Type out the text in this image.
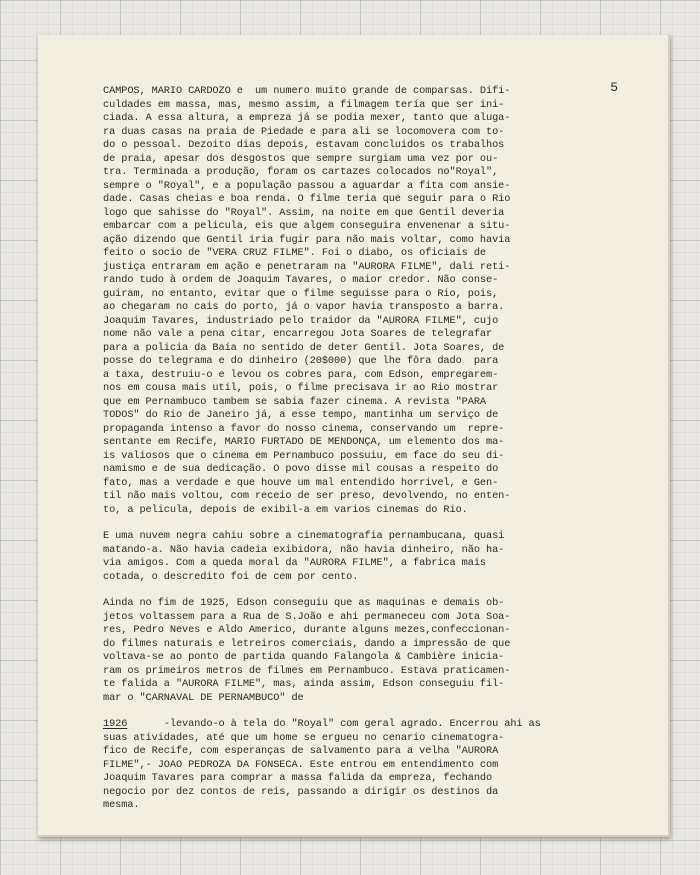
5

CAMPOS, MARIO CARDOZO e  um numero muito grande de comparsas. Difi-

culdades em massa, mas, mesmo assim, a filmagem tería que ser ini-

ciada. A essa altura, a empreza já se podia mexer, tanto que aluga-

ra duas casas na praia de Piedade e para ali se locomovera com to-

do o pessoal. Dezoito dias depois, estavam concluidos os trabalhos

de praia, apesar dos desgostos que sempre surgiam uma vez por ou-

tra. Terminada a produção, foram os cartazes colocados no"Royal",

sempre o "Royal", e a população passou a aguardar a fita com ansie-

dade. Casas cheias e boa renda. O filme teria que seguir para o Rio

logo que sahisse do "Royal". Assim, na noite em que Gentil deveria

embarcar com a pelicula, eis que algem conseguira envenenar a situ-

ação dizendo que Gentil iria fugir para não mais voltar, como havia

feito o socio de "VERA CRUZ FILME". Foi o diabo, os oficiais de

justiça entraram em ação e penetraram na "AURORA FILME", dali reti-

rando tudo à ordem de Joaquim Tavares, o maior credor. Não conse-

guiram, no entanto, evitar que o filme seguisse para o Rio, pois,

ao chegaram no cais do porto, já o vapor havia transposto a barra.

Joaquim Tavares, industriado pelo traidor da "AURORA FILME", cujo

nome não vale a pena citar, encarregou Jota Soares de telegrafar

para a policia da Baía no sentido de deter Gentil. Jota Soares, de

posse do telegrama e do dinheiro (20$000) que lhe fôra dado  para

a taxa, destruiu-o e levou os cobres para, com Edson, empregarem-

nos em cousa mais util, pois, o filme precisava ir ao Rio mostrar

que em Pernambuco tambem se sabia fazer cinema. A revista "PARA

TODOS" do Rio de Janeiro já, a esse tempo, mantinha um serviço de

propaganda intenso a favor do nosso cinema, conservando um  repre-

sentante em Recife, MARIO FURTADO DE MENDONÇA, um elemento dos ma-

is valiosos que o cinema em Pernambuco possuiu, em face do seu di-

namismo e de sua dedicação. O povo disse mil cousas a respeito do

fato, mas a verdade e que houve um mal entendido horrivel, e Gen-

til não mais voltou, com receio de ser preso, devolvendo, no enten-

to, a pelicula, depois de exibil-a em varios cinemas do Rio.

E uma nuvem negra cahiu sobre a cinematografia pernambucana, quasi

matando-a. Não havia cadeia exibidora, não havia dinheiro, não ha-

via amigos. Com a queda moral da "AURORA FILME", a fabrica mais

cotada, o descredito foi de cem por cento.

Ainda no fim de 1925, Edson conseguiu que as maquinas e demais ob-

jetos voltassem para a Rua de S.João e ahi permaneceu com Jota Soa-

res, Pedro Neves e Aldo Americo, durante alguns mezes,confeccionan-

do filmes naturais e letreiros comerciais, dando a impressão de que

voltava-se ao ponto de partida quando Falangola & Cambière inicia-

ram os primeiros metros de filmes em Pernambuco. Estava praticamen-

te falida a "AURORA FILME", mas, ainda assim, Edson conseguiu fil-

mar o "CARNAVAL DE PERNAMBUCO" de

1926	-levando-o à tela do "Royal" com geral agrado. Encerrou ahi as

suas atividades, até que um home se ergueu no cenario cinematogra-

fico de Recife, com esperanças de salvamento para a velha "AURORA

FILME",- JOAO PEDROZA DA FONSECA. Este entrou em entendimento com

Joaquim Tavares para comprar a massa falida da empreza, fechando

negocio por dez contos de reis, passando a dirigir os destinos da

mesma.
